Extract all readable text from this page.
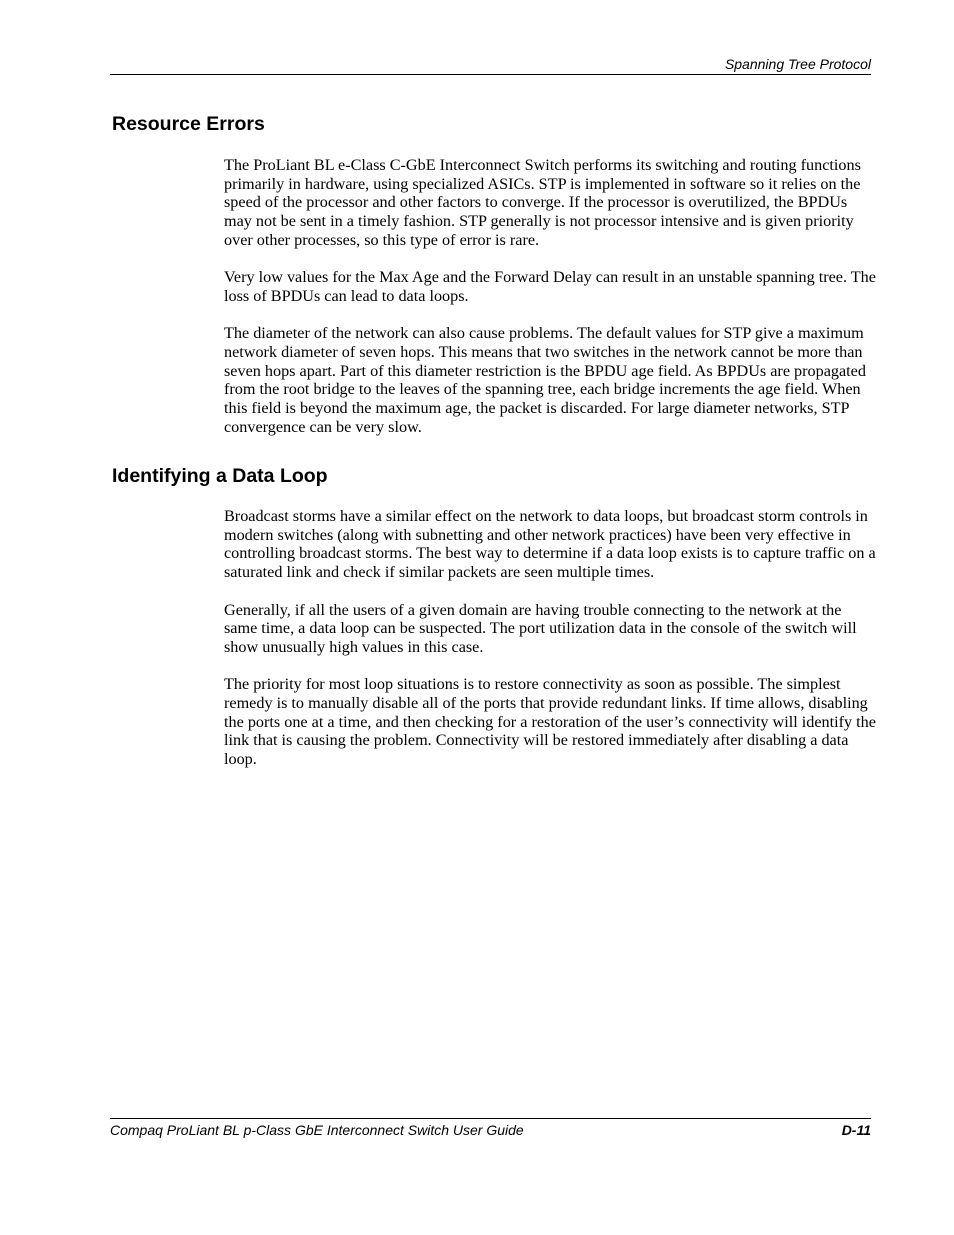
Spanning Tree Protocol
Resource Errors

The ProLiant BL e-Class C-GbE Interconnect Switch performs its switching and routing functions primarily in hardware, using specialized ASICs. STP is implemented in software so it relies on the speed of the processor and other factors to converge. If the processor is overutilized, the BPDUs may not be sent in a timely fashion. STP generally is not processor intensive and is given priority over other processes, so this type of error is rare.

Very low values for the Max Age and the Forward Delay can result in an unstable spanning tree. The loss of BPDUs can lead to data loops.

The diameter of the network can also cause problems. The default values for STP give a maximum network diameter of seven hops. This means that two switches in the network cannot be more than seven hops apart. Part of this diameter restriction is the BPDU age field. As BPDUs are propagated from the root bridge to the leaves of the spanning tree, each bridge increments the age field. When this field is beyond the maximum age, the packet is discarded. For large diameter networks, STP convergence can be very slow.

Identifying a Data Loop

Broadcast storms have a similar effect on the network to data loops, but broadcast storm controls in modern switches (along with subnetting and other network practices) have been very effective in controlling broadcast storms. The best way to determine if a data loop exists is to capture traffic on a saturated link and check if similar packets are seen multiple times.

Generally, if all the users of a given domain are having trouble connecting to the network at the same time, a data loop can be suspected. The port utilization data in the console of the switch will show unusually high values in this case.

The priority for most loop situations is to restore connectivity as soon as possible. The simplest remedy is to manually disable all of the ports that provide redundant links. If time allows, disabling the ports one at a time, and then checking for a restoration of the user’s connectivity will identify the link that is causing the problem. Connectivity will be restored immediately after disabling a data loop.

Compaq ProLiant BL p-Class GbE Interconnect Switch User Guide	D-11
